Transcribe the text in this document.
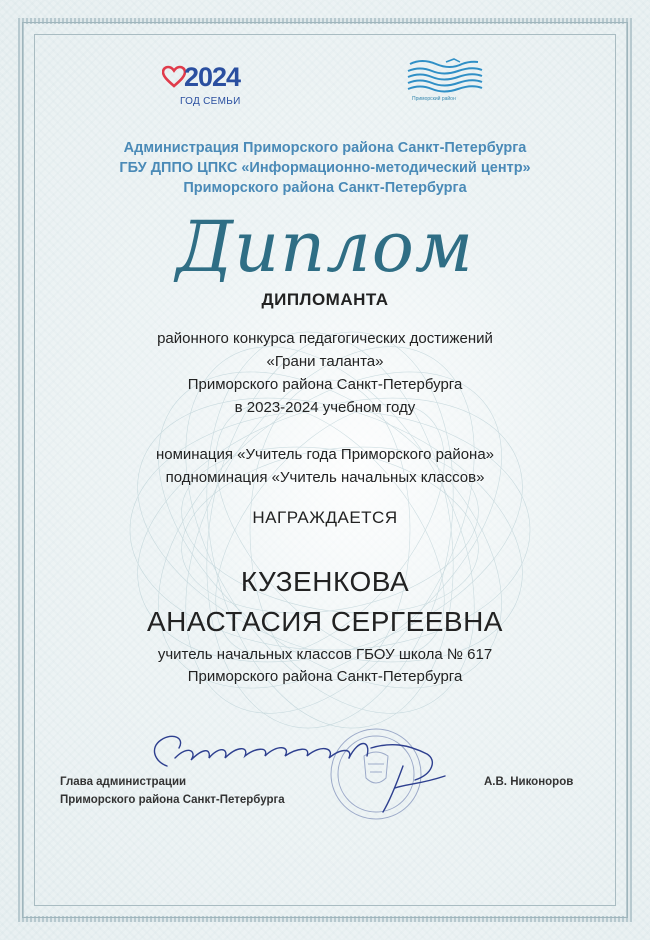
2024
ГОД СЕМЬИ	Приморский район
Администрация Приморского района Санкт-Петербурга
ГБУ ДППО ЦПКС «Информационно-методический центр»
Приморского района Санкт-Петербурга
Диплом
ДИПЛОМАНТА
районного конкурса педагогических достижений
«Грани таланта»
Приморского района Санкт-Петербурга
в 2023-2024 учебном году
номинация «Учитель года Приморского района»
подноминация «Учитель начальных классов»
НАГРАЖДАЕТСЯ
КУЗЕНКОВА
АНАСТАСИЯ СЕРГЕЕВНА
учитель начальных классов ГБОУ школа № 617
Приморского района Санкт-Петербурга
Глава администрации
Приморского района Санкт-Петербурга
А.В. Никоноров
